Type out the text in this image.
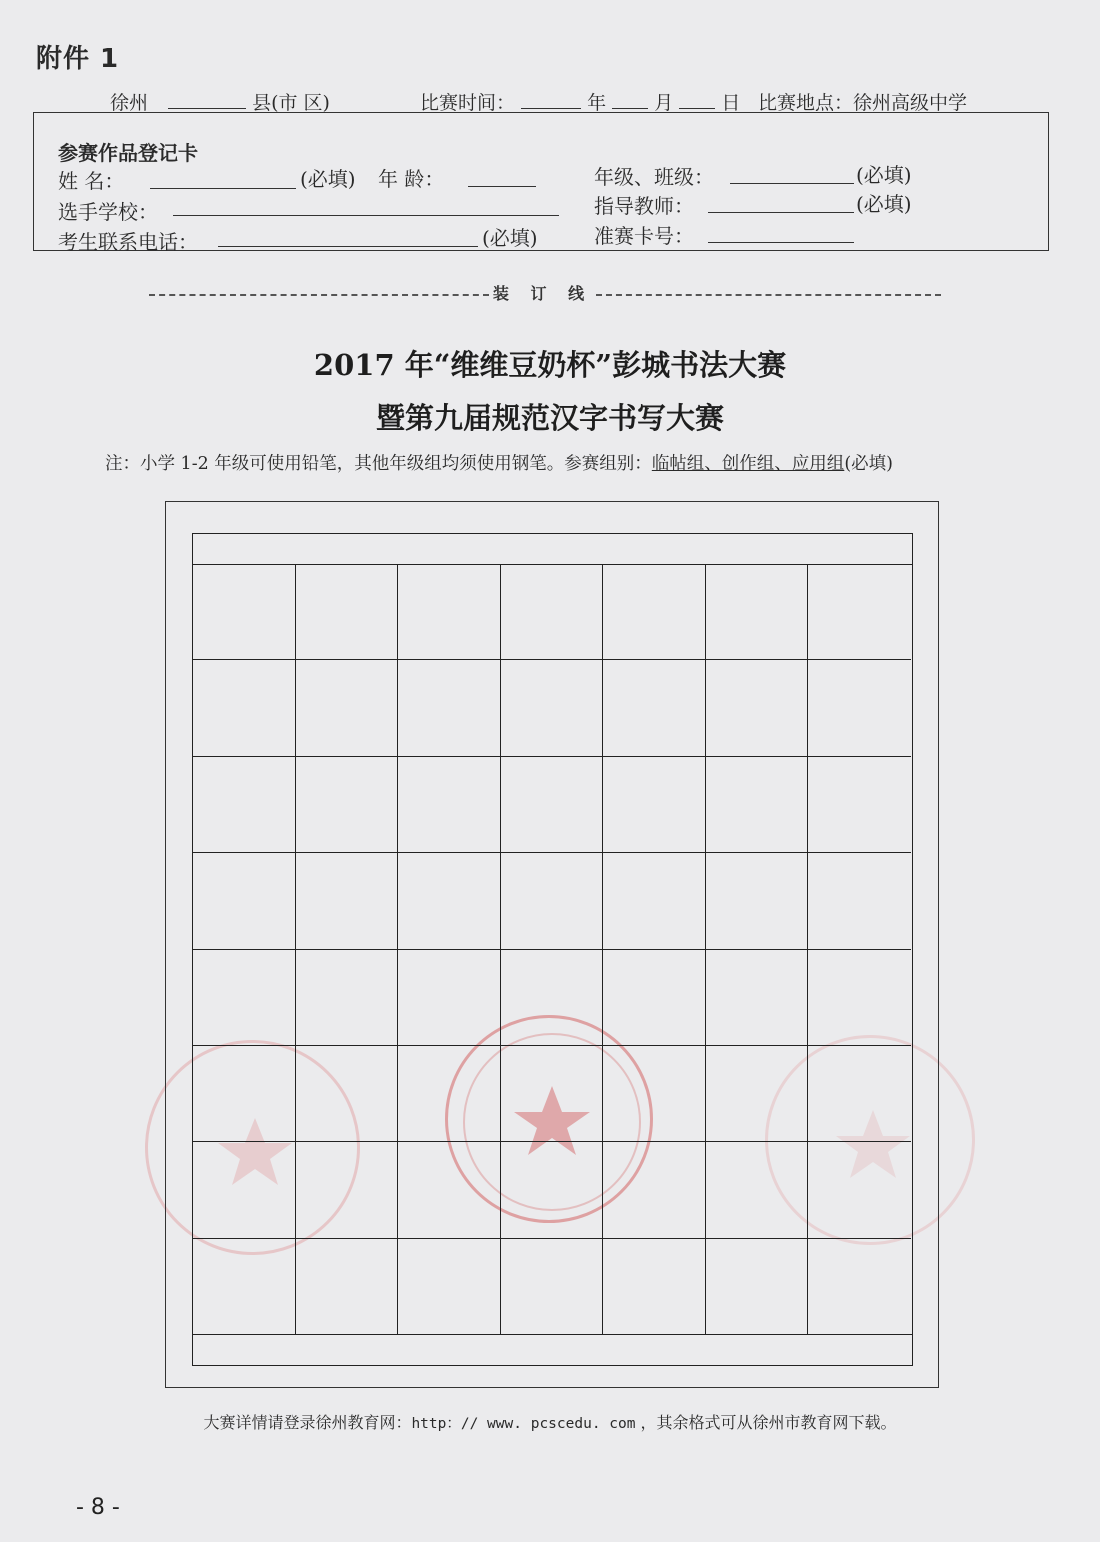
附件 1
徐州	县(市 区)	比赛时间：	年	月	日 比赛地点：徐州高级中学
参赛作品登记卡
姓 名：	(必填) 年 龄：	年级、班级：	(必填)
选手学校：	指导教师：	(必填)
考生联系电话：	(必填)	准赛卡号：
装 订 线
2017 年“维维豆奶杯”彭城书法大赛
暨第九届规范汉字书写大赛
注：小学 1-2 年级可使用铅笔，其他年级组均须使用钢笔。参赛组别：临帖组、创作组、应用组(必填)
大赛详情请登录徐州教育网：http：// www. pcscedu. com ，其余格式可从徐州市教育网下载。
- 8 -
